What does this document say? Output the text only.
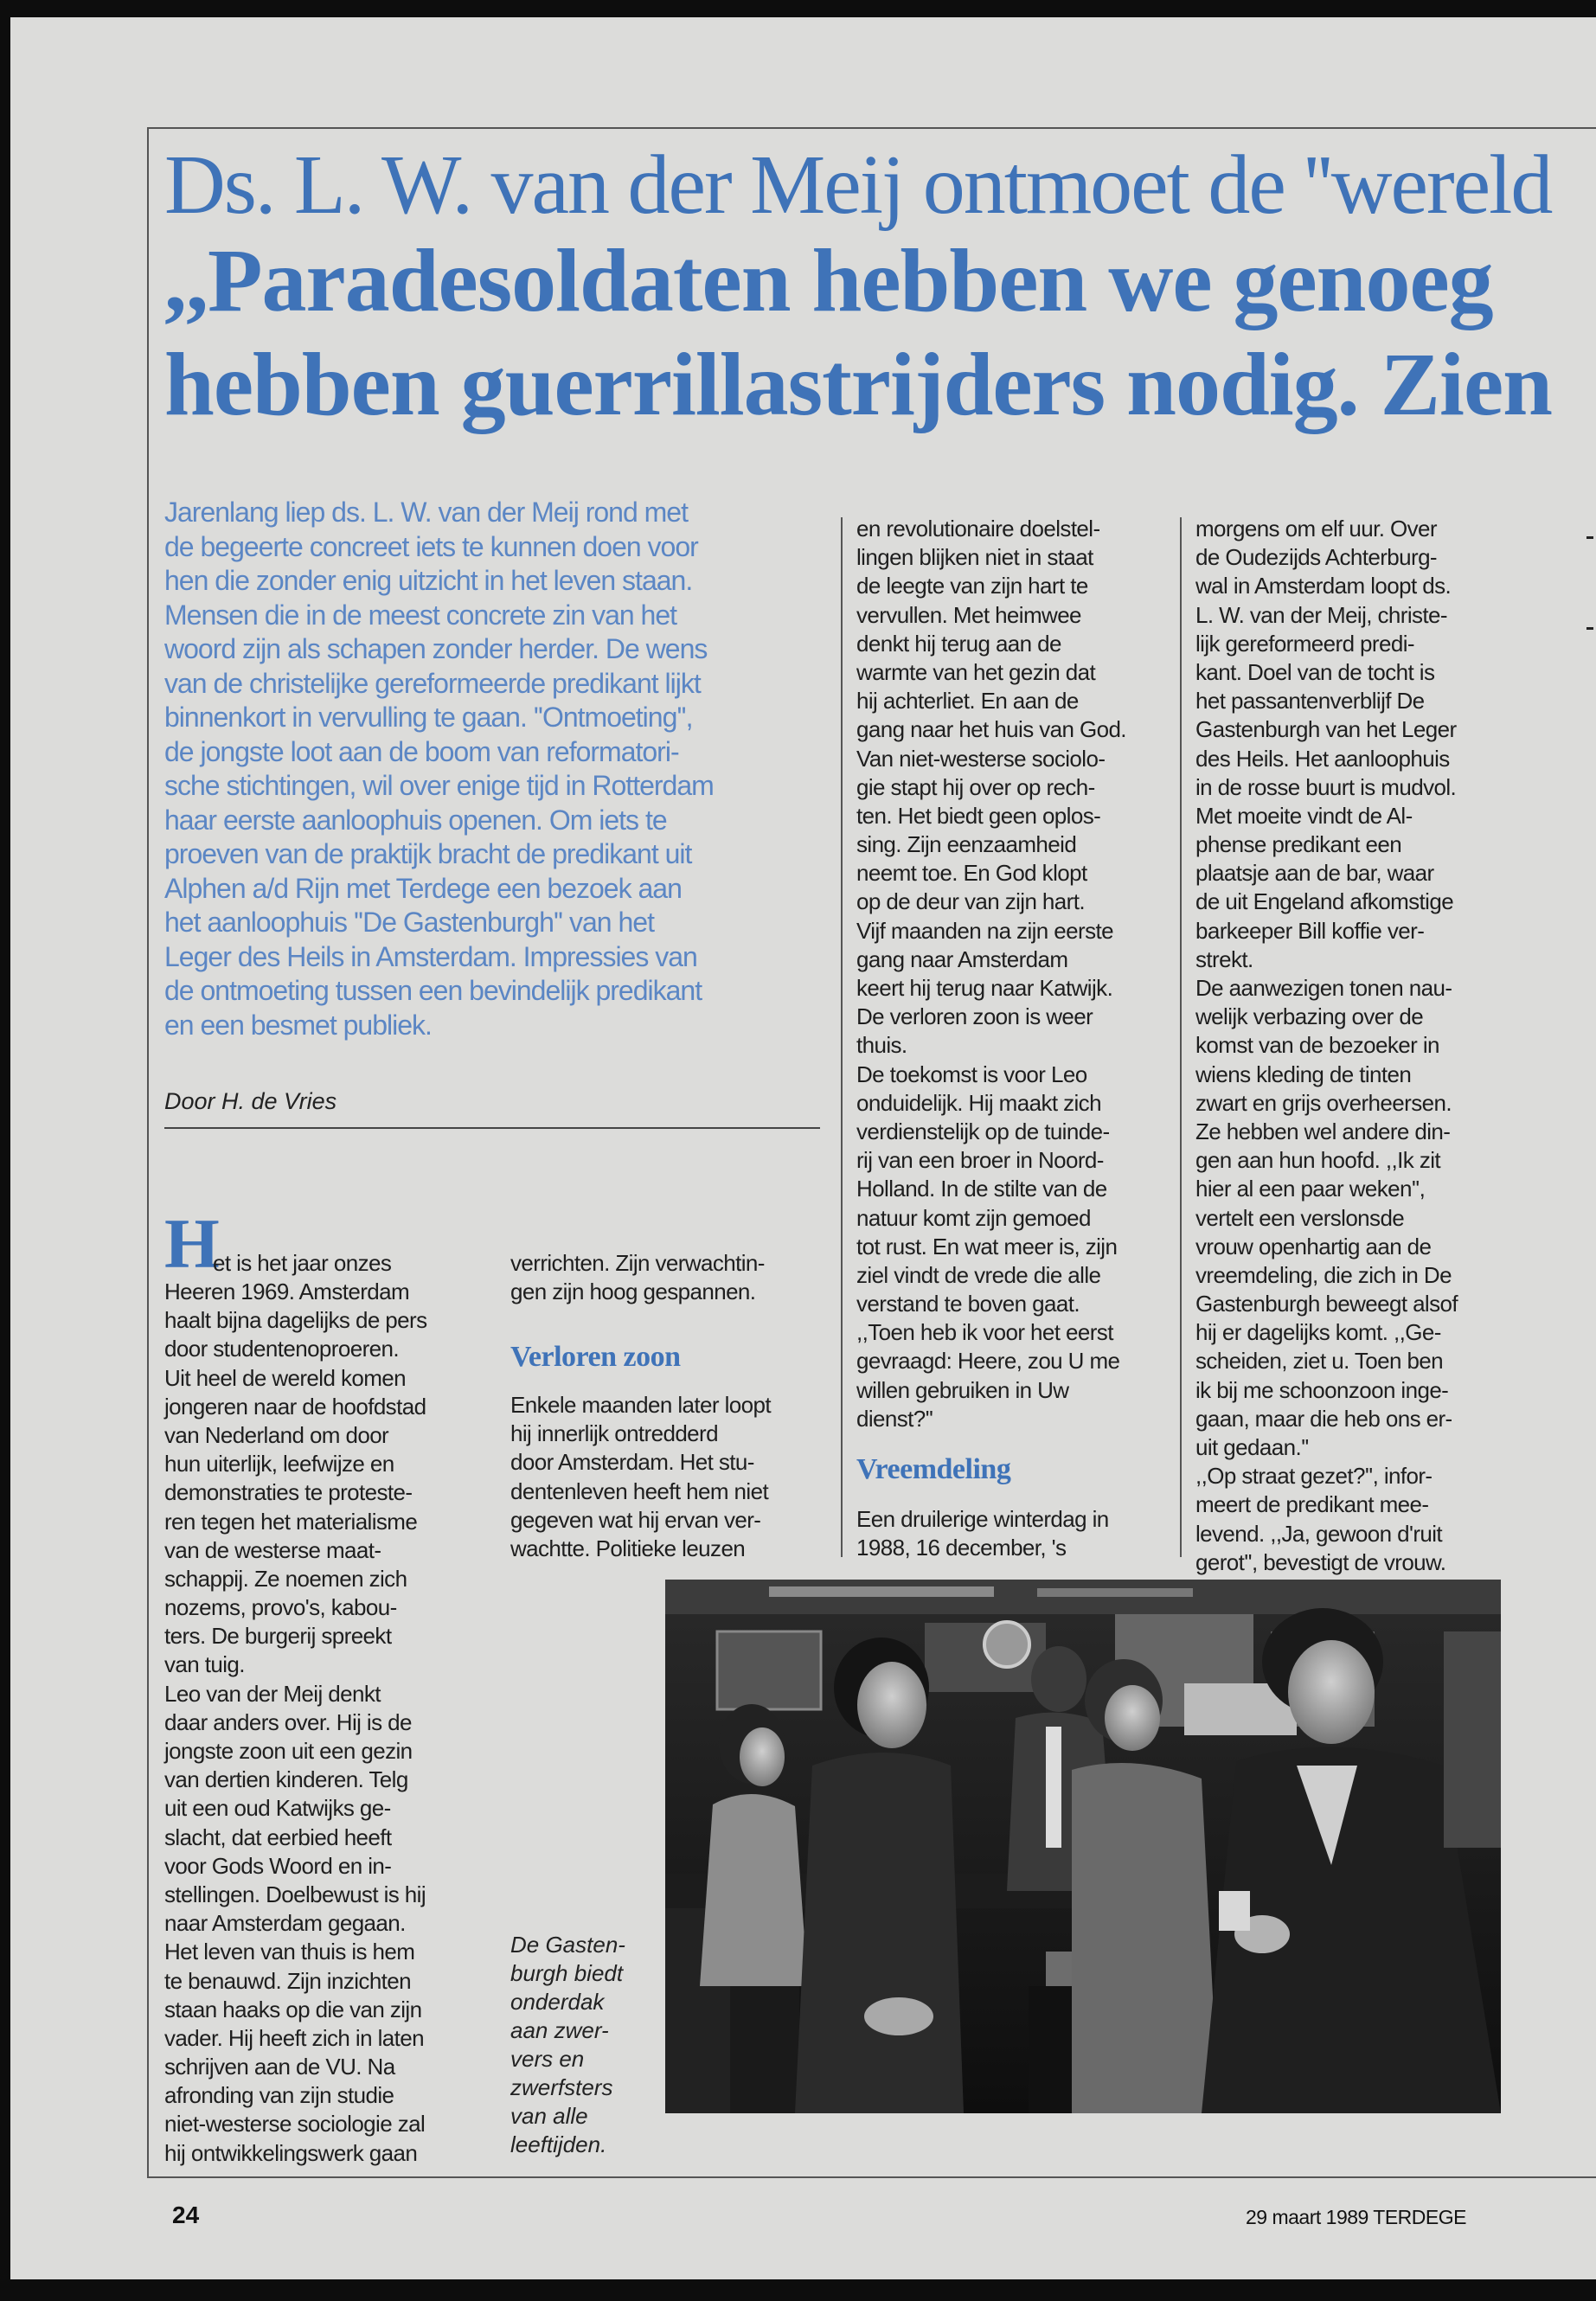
Ds. L. W. van der Meij ontmoet de ''wereld
,,Paradesoldaten hebben we genoeg
hebben guerrillastrijders nodig. Zien
Jarenlang liep ds. L. W. van der Meij rond met
de begeerte concreet iets te kunnen doen voor
hen die zonder enig uitzicht in het leven staan.
Mensen die in de meest concrete zin van het
woord zijn als schapen zonder herder. De wens
van de christelijke gereformeerde predikant lijkt
binnenkort in vervulling te gaan. ''Ontmoeting'',
de jongste loot aan de boom van reformatori-
sche stichtingen, wil over enige tijd in Rotterdam
haar eerste aanloophuis openen. Om iets te
proeven van de praktijk bracht de predikant uit
Alphen a/d Rijn met Terdege een bezoek aan
het aanloophuis ''De Gastenburgh'' van het
Leger des Heils in Amsterdam. Impressies van
de ontmoeting tussen een bevindelijk predikant
en een besmet publiek.
Door H. de Vries
H
et is het jaar onzes
Heeren 1969. Amsterdam
haalt bijna dagelijks de pers
door studentenoproeren.
Uit heel de wereld komen
jongeren naar de hoofdstad
van Nederland om door
hun uiterlijk, leefwijze en
demonstraties te proteste-
ren tegen het materialisme
van de westerse maat-
schappij. Ze noemen zich
nozems, provo's, kabou-
ters. De burgerij spreekt
van tuig.
Leo van der Meij denkt
daar anders over. Hij is de
jongste zoon uit een gezin
van dertien kinderen. Telg
uit een oud Katwijks ge-
slacht, dat eerbied heeft
voor Gods Woord en in-
stellingen. Doelbewust is hij
naar Amsterdam gegaan.
Het leven van thuis is hem
te benauwd. Zijn inzichten
staan haaks op die van zijn
vader. Hij heeft zich in laten
schrijven aan de VU. Na
afronding van zijn studie
niet-westerse sociologie zal
hij ontwikkelingswerk gaan
verrichten. Zijn verwachtin-
gen zijn hoog gespannen.
Verloren zoon
Enkele maanden later loopt
hij innerlijk ontredderd
door Amsterdam. Het stu-
dentenleven heeft hem niet
gegeven wat hij ervan ver-
wachtte. Politieke leuzen
en revolutionaire doelstel-
lingen blijken niet in staat
de leegte van zijn hart te
vervullen. Met heimwee
denkt hij terug aan de
warmte van het gezin dat
hij achterliet. En aan de
gang naar het huis van God.
Van niet-westerse sociolo-
gie stapt hij over op rech-
ten. Het biedt geen oplos-
sing. Zijn eenzaamheid
neemt toe. En God klopt
op de deur van zijn hart.
Vijf maanden na zijn eerste
gang naar Amsterdam
keert hij terug naar Katwijk.
De verloren zoon is weer
thuis.
De toekomst is voor Leo
onduidelijk. Hij maakt zich
verdienstelijk op de tuinde-
rij van een broer in Noord-
Holland. In de stilte van de
natuur komt zijn gemoed
tot rust. En wat meer is, zijn
ziel vindt de vrede die alle
verstand te boven gaat.
,,Toen heb ik voor het eerst
gevraagd: Heere, zou U me
willen gebruiken in Uw
dienst?''
Vreemdeling
Een druilerige winterdag in
1988, 16 december, 's
morgens om elf uur. Over
de Oudezijds Achterburg-
wal in Amsterdam loopt ds.
L. W. van der Meij, christe-
lijk gereformeerd predi-
kant. Doel van de tocht is
het passantenverblijf De
Gastenburgh van het Leger
des Heils. Het aanloophuis
in de rosse buurt is mudvol.
Met moeite vindt de Al-
phense predikant een
plaatsje aan de bar, waar
de uit Engeland afkomstige
barkeeper Bill koffie ver-
strekt.
De aanwezigen tonen nau-
welijk verbazing over de
komst van de bezoeker in
wiens kleding de tinten
zwart en grijs overheersen.
Ze hebben wel andere din-
gen aan hun hoofd. ,,Ik zit
hier al een paar weken'',
vertelt een verslonsde
vrouw openhartig aan de
vreemdeling, die zich in De
Gastenburgh beweegt alsof
hij er dagelijks komt. ,,Ge-
scheiden, ziet u. Toen ben
ik bij me schoonzoon inge-
gaan, maar die heb ons er-
uit gedaan.''
,,Op straat gezet?'', infor-
meert de predikant mee-
levend. ,,Ja, gewoon d'ruit
gerot'', bevestigt de vrouw.
De Gasten-
burgh biedt
onderdak
aan zwer-
vers en
zwerfsters
van alle
leeftijden.
24	29 maart 1989 TERDEGE
